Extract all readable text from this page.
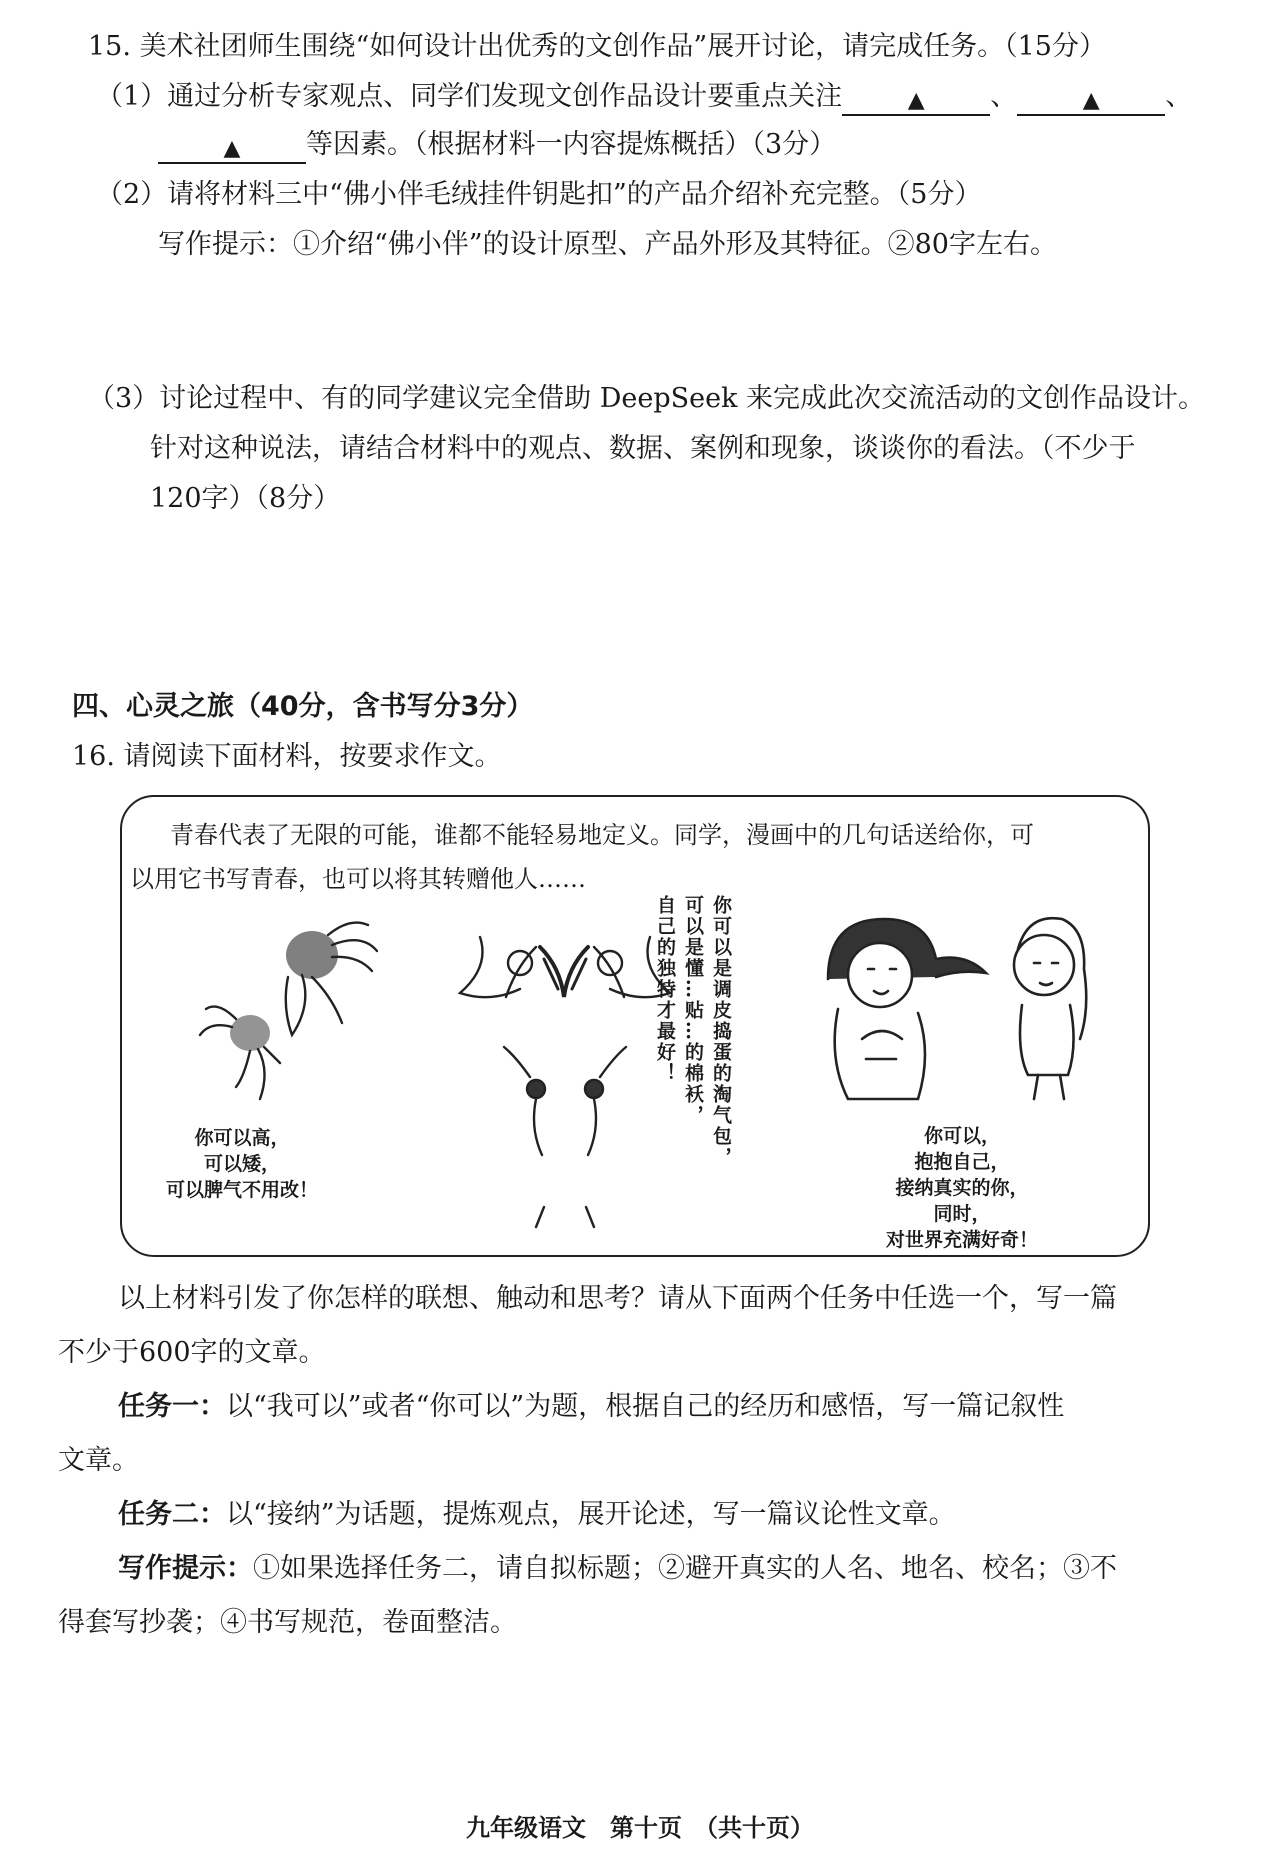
15. 美术社团师生围绕“如何设计出优秀的文创作品”展开讨论，请完成任务。（15分）
（1）通过分析专家观点、同学们发现文创作品设计要重点关注	▲ 、	▲ 、
▲ 等因素。（根据材料一内容提炼概括）（3分）
（2）请将材料三中“佛小伴毛绒挂件钥匙扣”的产品介绍补充完整。（5分）
写作提示：①介绍“佛小伴”的设计原型、产品外形及其特征。②80字左右。
（3）讨论过程中、有的同学建议完全借助 DeepSeek 来完成此次交流活动的文创作品设计。
针对这种说法，请结合材料中的观点、数据、案例和现象，谈谈你的看法。（不少于
120字）（8分）
四、心灵之旅（40分，含书写分3分）
16. 请阅读下面材料，按要求作文。
青春代表了无限的可能，谁都不能轻易地定义。同学，漫画中的几句话送给你，可
以用它书写青春，也可以将其转赠他人……
你可以高，
可以矮，
可以脾气不用改！
你可以是调皮捣蛋的淘气包，
可以是懂…贴…的棉袄，
自己的独特才最好！
你可以，
抱抱自己，
接纳真实的你，
同时，
对世界充满好奇！
以上材料引发了你怎样的联想、触动和思考？请从下面两个任务中任选一个，写一篇
不少于600字的文章。
任务一：以“我可以”或者“你可以”为题，根据自己的经历和感悟，写一篇记叙性
文章。
任务二：以“接纳”为话题，提炼观点，展开论述，写一篇议论性文章。
写作提示：①如果选择任务二，请自拟标题；②避开真实的人名、地名、校名；③不
得套写抄袭；④书写规范，卷面整洁。
九年级语文　第十页　（共十页）
